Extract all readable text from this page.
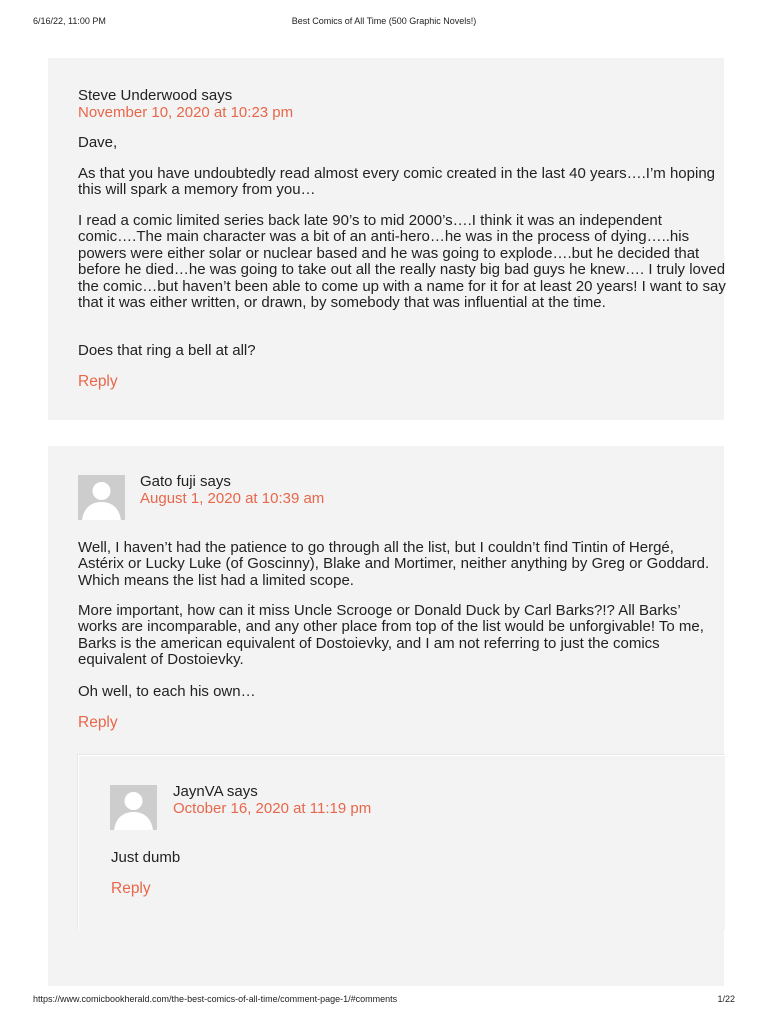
6/16/22, 11:00 PM	Best Comics of All Time (500 Graphic Novels!)
Steve Underwood says
November 10, 2020 at 10:23 pm

Dave,

As that you have undoubtedly read almost every comic created in the last 40 years….I’m hoping this will spark a memory from you…

I read a comic limited series back late 90’s to mid 2000’s….I think it was an independent comic….The main character was a bit of an anti-hero…he was in the process of dying…..his powers were either solar or nuclear based and he was going to explode….but he decided that before he died…he was going to take out all the really nasty big bad guys he knew…. I truly loved the comic…but haven’t been able to come up with a name for it for at least 20 years! I want to say that it was either written, or drawn, by somebody that was influential at the time.

Does that ring a bell at all?

Reply
Gato fuji says
August 1, 2020 at 10:39 am

Well, I haven’t had the patience to go through all the list, but I couldn’t find Tintin of Hergé, Astérix or Lucky Luke (of Goscinny), Blake and Mortimer, neither anything by Greg or Goddard. Which means the list had a limited scope.

More important, how can it miss Uncle Scrooge or Donald Duck by Carl Barks?!? All Barks’ works are incomparable, and any other place from top of the list would be unforgivable! To me, Barks is the american equivalent of Dostoievky, and I am not referring to just the comics equivalent of Dostoievky.

Oh well, to each his own…

Reply
JaynVA says
October 16, 2020 at 11:19 pm

Just dumb

Reply
https://www.comicbookherald.com/the-best-comics-of-all-time/comment-page-1/#comments	1/22
